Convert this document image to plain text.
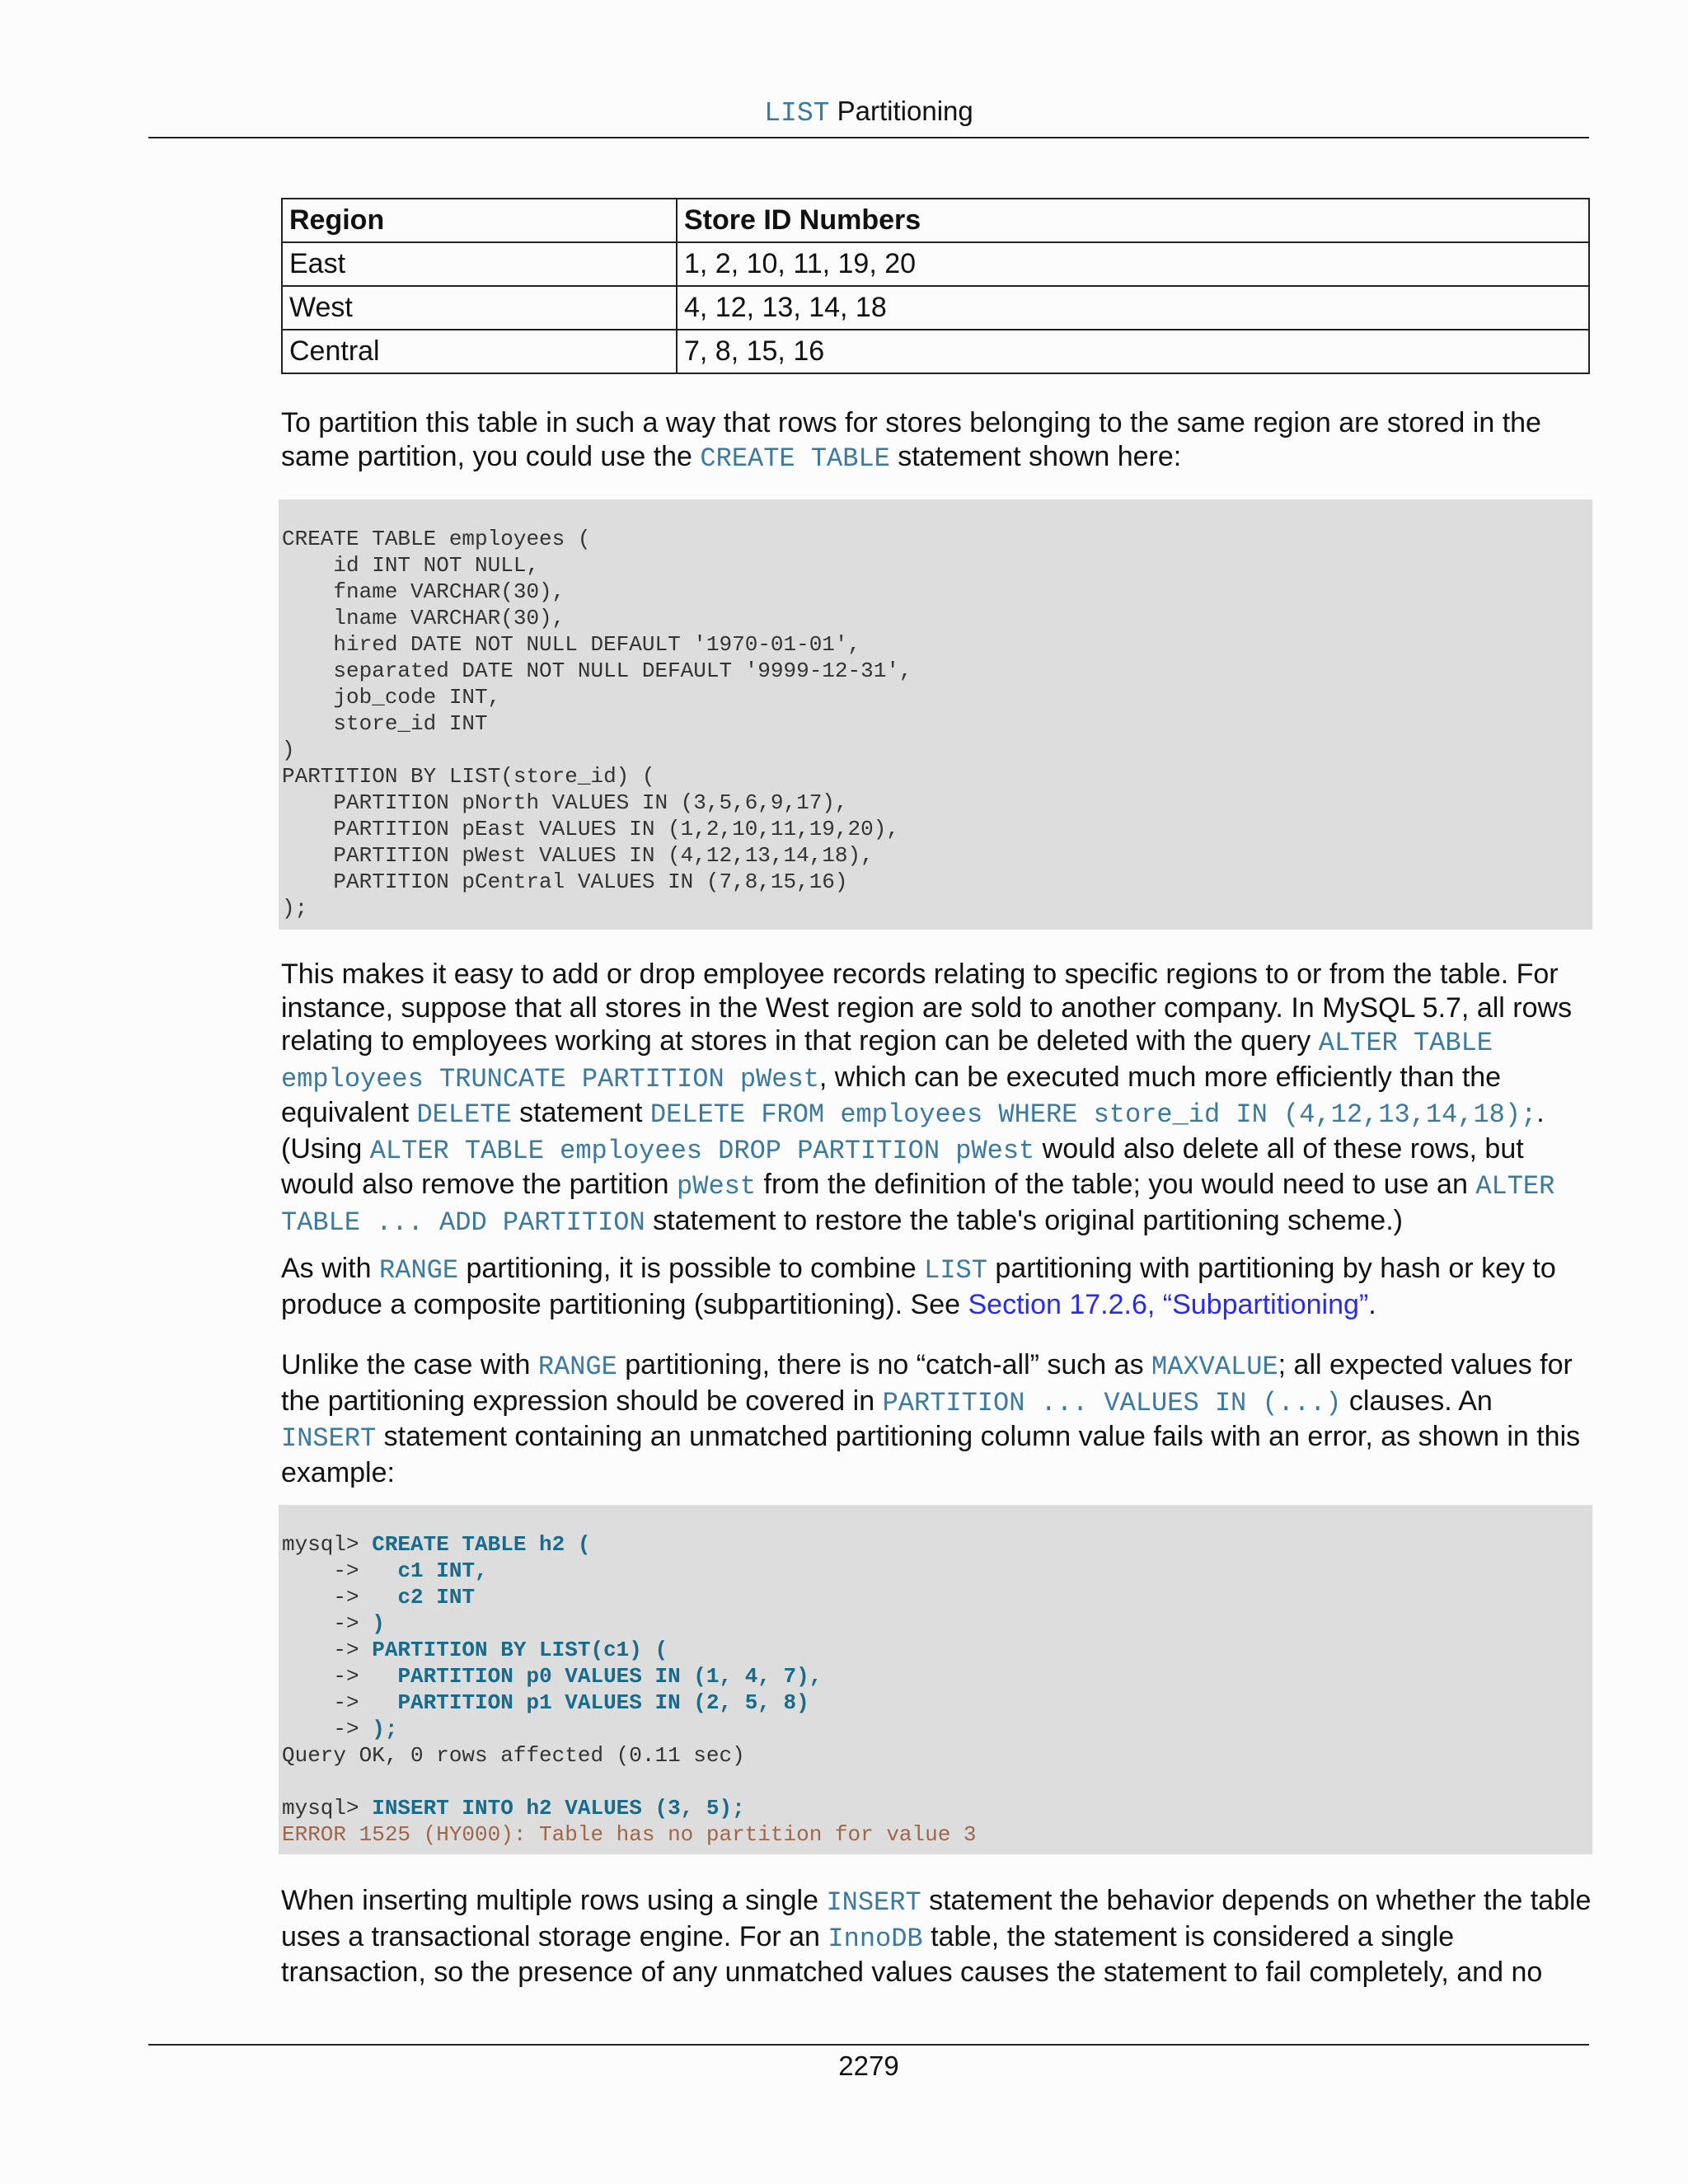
LIST Partitioning
Region	Store ID Numbers
East	1, 2, 10, 11, 19, 20
West	4, 12, 13, 14, 18
Central	7, 8, 15, 16

To partition this table in such a way that rows for stores belonging to the same region are stored in the same partition, you could use the CREATE TABLE statement shown here:

CREATE TABLE employees (
id INT NOT NULL,
fname VARCHAR(30),
lname VARCHAR(30),
hired DATE NOT NULL DEFAULT '1970-01-01',
separated DATE NOT NULL DEFAULT '9999-12-31',
job_code INT,
store_id INT
)
PARTITION BY LIST(store_id) (
PARTITION pNorth VALUES IN (3,5,6,9,17),
PARTITION pEast VALUES IN (1,2,10,11,19,20),
PARTITION pWest VALUES IN (4,12,13,14,18),
PARTITION pCentral VALUES IN (7,8,15,16)
);

This makes it easy to add or drop employee records relating to specific regions to or from the table. For instance, suppose that all stores in the West region are sold to another company. In MySQL 5.7, all rows relating to employees working at stores in that region can be deleted with the query ALTER TABLE employees TRUNCATE PARTITION pWest, which can be executed much more efficiently than the equivalent DELETE statement DELETE FROM employees WHERE store_id IN (4,12,13,14,18);. (Using ALTER TABLE employees DROP PARTITION pWest would also delete all of these rows, but would also remove the partition pWest from the definition of the table; you would need to use an ALTER TABLE ... ADD PARTITION statement to restore the table's original partitioning scheme.)

As with RANGE partitioning, it is possible to combine LIST partitioning with partitioning by hash or key to produce a composite partitioning (subpartitioning). See Section 17.2.6, “Subpartitioning”.

Unlike the case with RANGE partitioning, there is no “catch-all” such as MAXVALUE; all expected values for the partitioning expression should be covered in PARTITION ... VALUES IN (...) clauses. An INSERT statement containing an unmatched partitioning column value fails with an error, as shown in this example:

mysql> CREATE TABLE h2 (
->   c1 INT,
->   c2 INT
-> )
-> PARTITION BY LIST(c1) (
->   PARTITION p0 VALUES IN (1, 4, 7),
->   PARTITION p1 VALUES IN (2, 5, 8)
-> );
Query OK, 0 rows affected (0.11 sec)

mysql> INSERT INTO h2 VALUES (3, 5);
ERROR 1525 (HY000): Table has no partition for value 3

When inserting multiple rows using a single INSERT statement the behavior depends on whether the table uses a transactional storage engine. For an InnoDB table, the statement is considered a single transaction, so the presence of any unmatched values causes the statement to fail completely, and no

2279
